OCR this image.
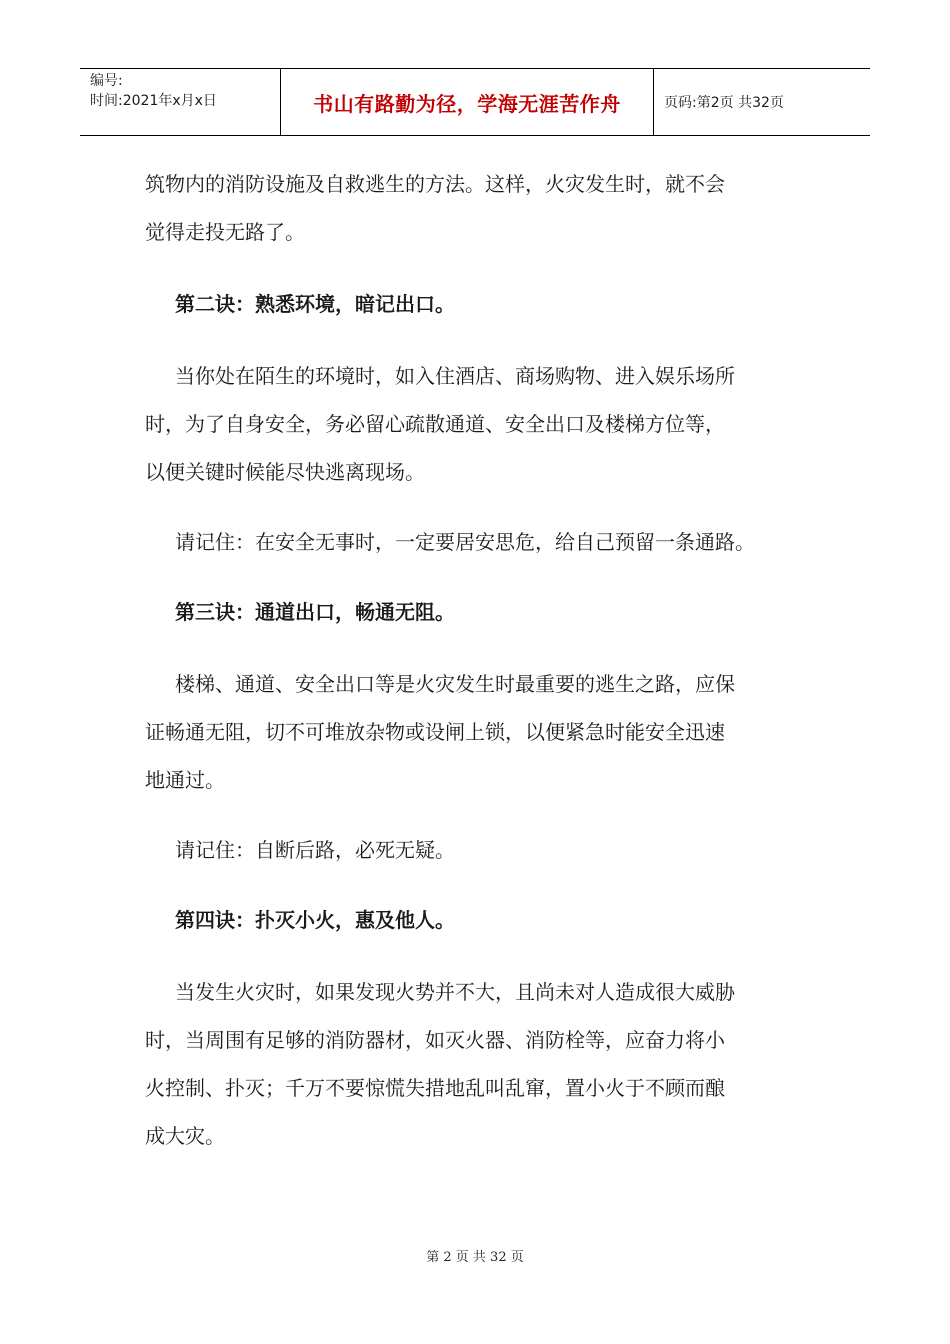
编号:
时间:2021年x月x日	书山有路勤为径，学海无涯苦作舟	页码:第2页 共32页

筑物内的消防设施及自救逃生的方法。这样，火灾发生时，就不会

觉得走投无路了。

第二诀：熟悉环境，暗记出口。

当你处在陌生的环境时，如入住酒店、商场购物、进入娱乐场所

时，为了自身安全，务必留心疏散通道、安全出口及楼梯方位等，

以便关键时候能尽快逃离现场。

请记住：在安全无事时，一定要居安思危，给自己预留一条通路。

第三诀：通道出口，畅通无阻。

楼梯、通道、安全出口等是火灾发生时最重要的逃生之路，应保

证畅通无阻，切不可堆放杂物或设闸上锁，以便紧急时能安全迅速

地通过。

请记住：自断后路，必死无疑。

第四诀：扑灭小火，惠及他人。

当发生火灾时，如果发现火势并不大，且尚未对人造成很大威胁

时，当周围有足够的消防器材，如灭火器、消防栓等，应奋力将小

火控制、扑灭；千万不要惊慌失措地乱叫乱窜，置小火于不顾而酿

成大灾。

第 2 页 共 32 页
